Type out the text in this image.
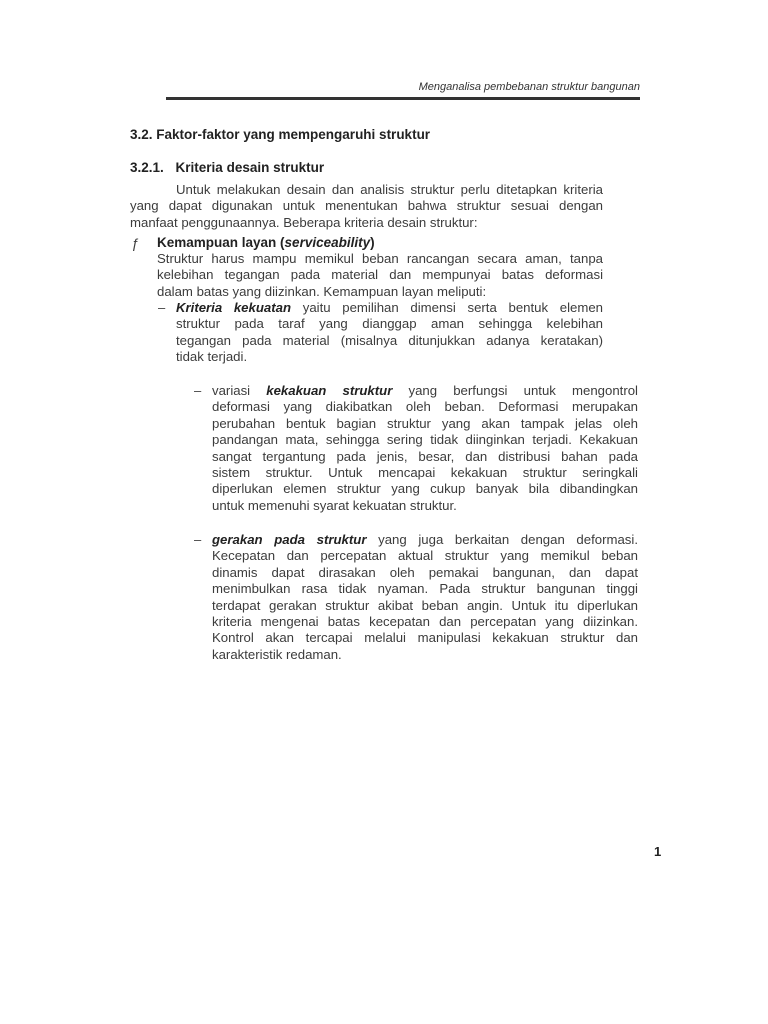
Menganalisa pembebanan struktur bangunan
3.2. Faktor-faktor yang mempengaruhi struktur
3.2.1. Kriteria desain struktur
Untuk melakukan desain dan analisis struktur perlu ditetapkan kriteria
yang dapat digunakan untuk menentukan bahwa struktur sesuai dengan
manfaat penggunaannya. Beberapa kriteria desain struktur:
ƒ Kemampuan layan (serviceability)
Struktur harus mampu memikul beban rancangan secara aman, tanpa
kelebihan tegangan pada material dan mempunyai batas deformasi
dalam batas yang diizinkan. Kemampuan layan meliputi:
– Kriteria kekuatan yaitu pemilihan dimensi serta bentuk elemen
struktur pada taraf yang dianggap aman sehingga kelebihan
tegangan pada material (misalnya ditunjukkan adanya keratakan)
tidak terjadi.
– variasi kekakuan struktur yang berfungsi untuk mengontrol
deformasi yang diakibatkan oleh beban. Deformasi merupakan
perubahan bentuk bagian struktur yang akan tampak jelas oleh
pandangan mata, sehingga sering tidak diinginkan terjadi. Kekakuan
sangat tergantung pada jenis, besar, dan distribusi bahan pada
sistem struktur. Untuk mencapai kekakuan struktur seringkali
diperlukan elemen struktur yang cukup banyak bila dibandingkan
untuk memenuhi syarat kekuatan struktur.
– gerakan pada struktur yang juga berkaitan dengan deformasi.
Kecepatan dan percepatan aktual struktur yang memikul beban
dinamis dapat dirasakan oleh pemakai bangunan, dan dapat
menimbulkan rasa tidak nyaman. Pada struktur bangunan tinggi
terdapat gerakan struktur akibat beban angin. Untuk itu diperlukan
kriteria mengenai batas kecepatan dan percepatan yang diizinkan.
Kontrol akan tercapai melalui manipulasi kekakuan struktur dan
karakteristik redaman.
1
